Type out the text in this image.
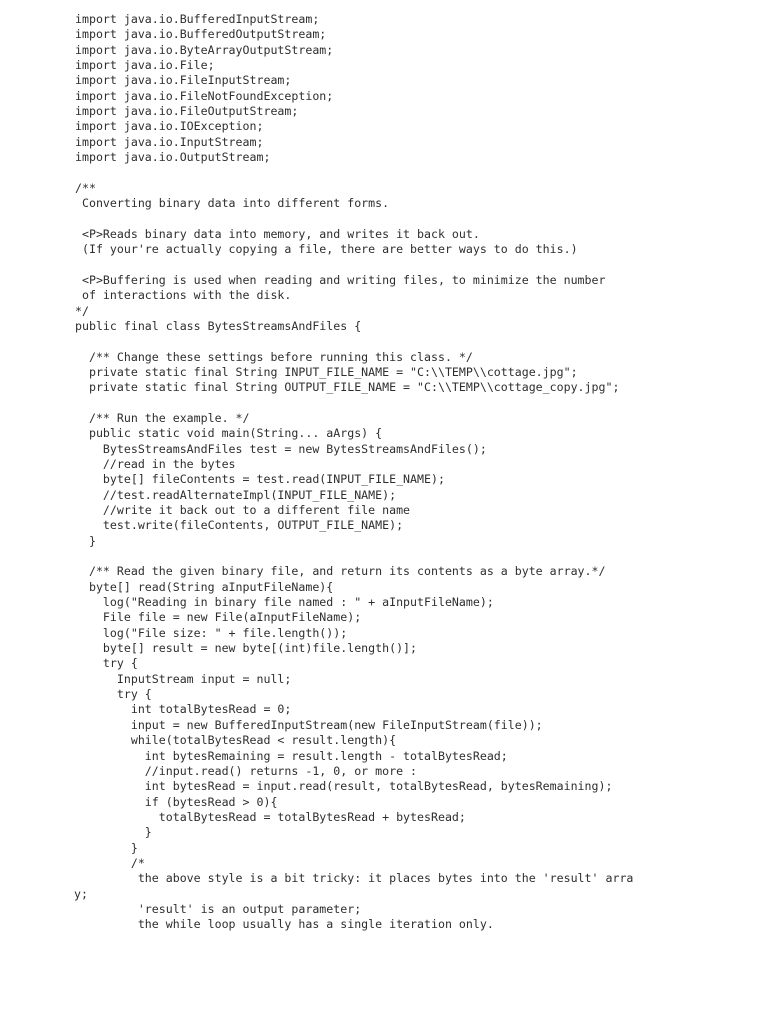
import java.io.BufferedInputStream;
import java.io.BufferedOutputStream;
import java.io.ByteArrayOutputStream;
import java.io.File;
import java.io.FileInputStream;
import java.io.FileNotFoundException;
import java.io.FileOutputStream;
import java.io.IOException;
import java.io.InputStream;
import java.io.OutputStream;
/**
Converting binary data into different forms.
<P>Reads binary data into memory, and writes it back out.
(If your're actually copying a file, there are better ways to do this.)
<P>Buffering is used when reading and writing files, to minimize the number
of interactions with the disk.
*/
public final class BytesStreamsAndFiles {
/** Change these settings before running this class. */
private static final String INPUT_FILE_NAME = "C:\\TEMP\\cottage.jpg";
private static final String OUTPUT_FILE_NAME = "C:\\TEMP\\cottage_copy.jpg";
/** Run the example. */
public static void main(String... aArgs) {
BytesStreamsAndFiles test = new BytesStreamsAndFiles();
//read in the bytes
byte[] fileContents = test.read(INPUT_FILE_NAME);
//test.readAlternateImpl(INPUT_FILE_NAME);
//write it back out to a different file name
test.write(fileContents, OUTPUT_FILE_NAME);
}
/** Read the given binary file, and return its contents as a byte array.*/
byte[] read(String aInputFileName){
log("Reading in binary file named : " + aInputFileName);
File file = new File(aInputFileName);
log("File size: " + file.length());
byte[] result = new byte[(int)file.length()];
try {
InputStream input = null;
try {
int totalBytesRead = 0;
input = new BufferedInputStream(new FileInputStream(file));
while(totalBytesRead < result.length){
int bytesRemaining = result.length - totalBytesRead;
//input.read() returns -1, 0, or more :
int bytesRead = input.read(result, totalBytesRead, bytesRemaining);
if (bytesRead > 0){
totalBytesRead = totalBytesRead + bytesRead;
}
}
/*
the above style is a bit tricky: it places bytes into the 'result' arra
y;
'result' is an output parameter;
the while loop usually has a single iteration only.
